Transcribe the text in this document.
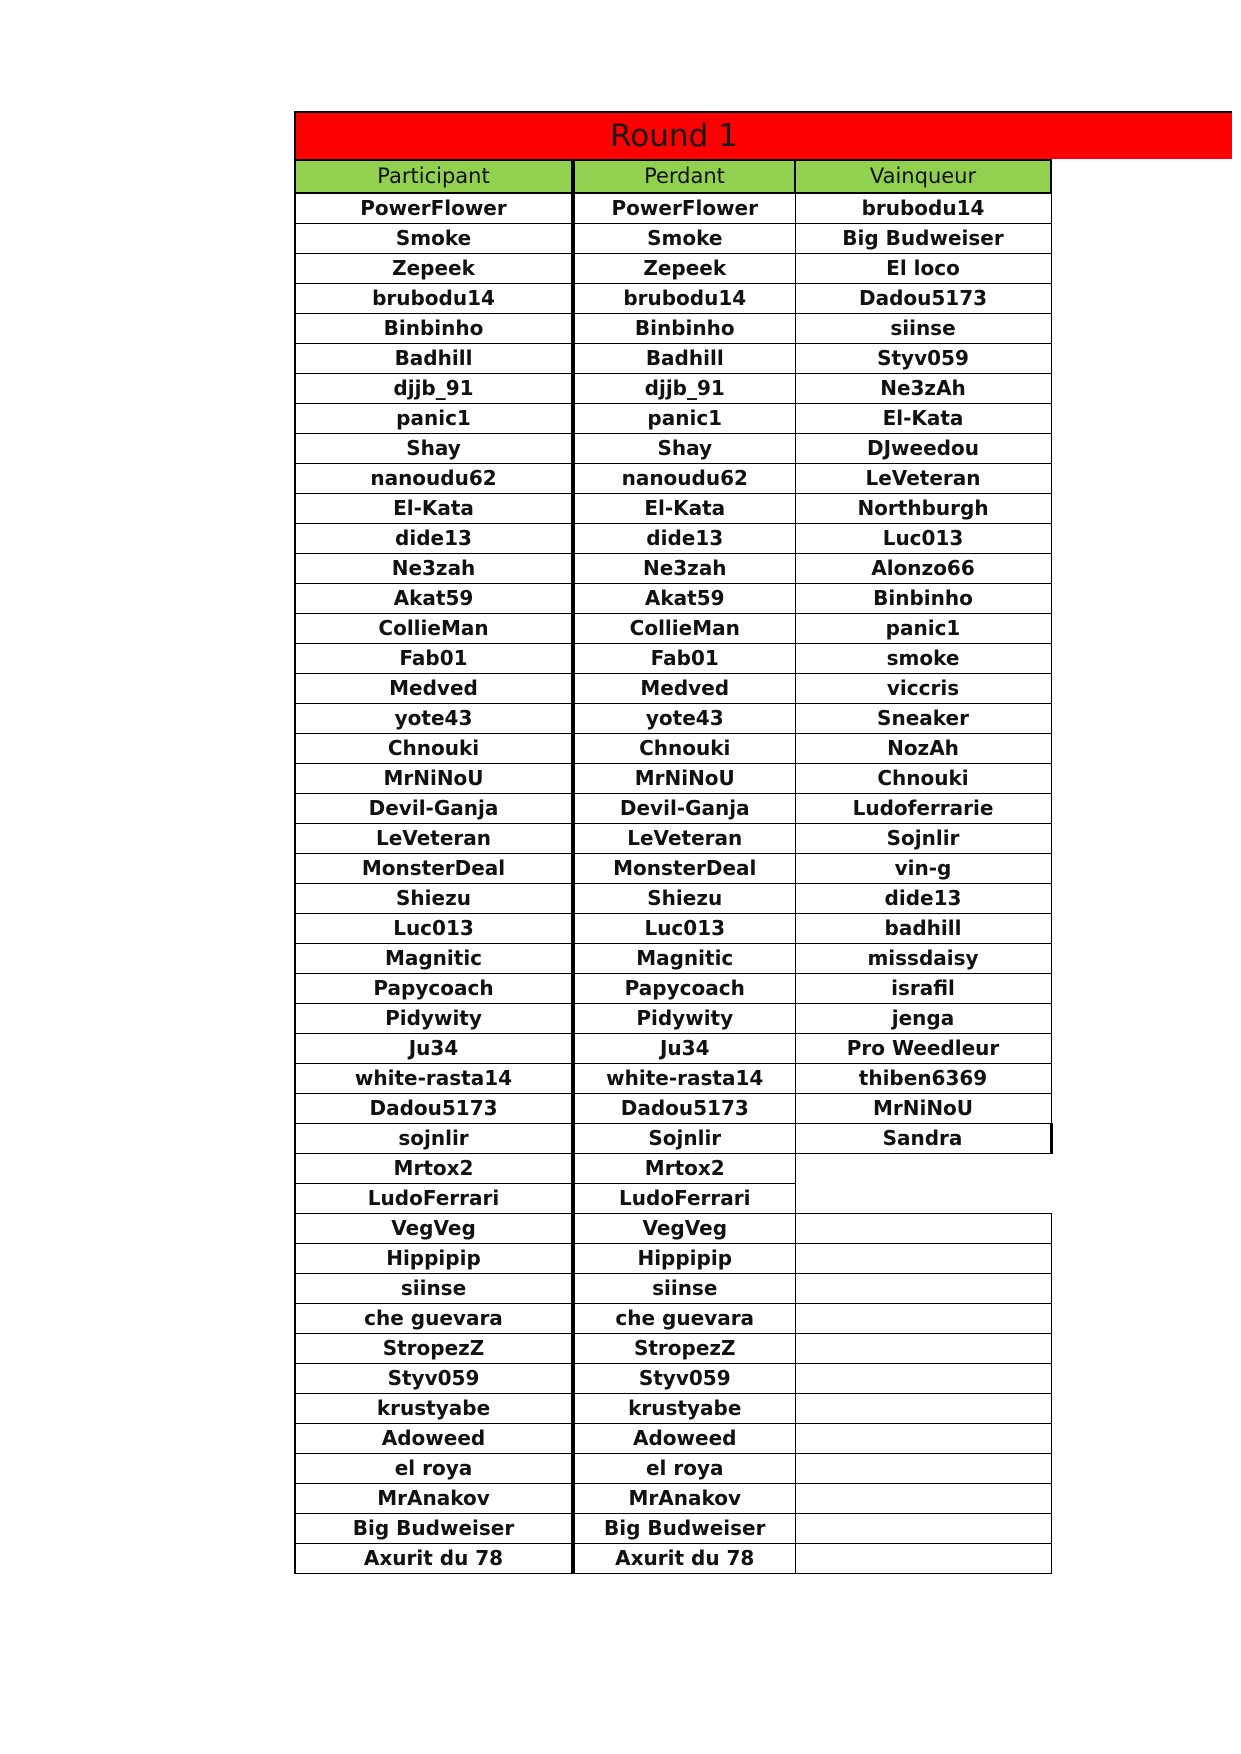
Round 1
Participant	Perdant	Vainqueur
PowerFlower	PowerFlower	brubodu14
Smoke	Smoke	Big Budweiser
Zepeek	Zepeek	El loco
brubodu14	brubodu14	Dadou5173
Binbinho	Binbinho	siinse
Badhill	Badhill	Styv059
djjb_91	djjb_91	Ne3zAh
panic1	panic1	El-Kata
Shay	Shay	DJweedou
nanoudu62	nanoudu62	LeVeteran
El-Kata	El-Kata	Northburgh
dide13	dide13	Luc013
Ne3zah	Ne3zah	Alonzo66
Akat59	Akat59	Binbinho
CollieMan	CollieMan	panic1
Fab01	Fab01	smoke
Medved	Medved	viccris
yote43	yote43	Sneaker
Chnouki	Chnouki	NozAh
MrNiNoU	MrNiNoU	Chnouki
Devil-Ganja	Devil-Ganja	Ludoferrarie
LeVeteran	LeVeteran	Sojnlir
MonsterDeal	MonsterDeal	vin-g
Shiezu	Shiezu	dide13
Luc013	Luc013	badhill
Magnitic	Magnitic	missdaisy
Papycoach	Papycoach	israfil
Pidywity	Pidywity	jenga
Ju34	Ju34	Pro Weedleur
white-rasta14	white-rasta14	thiben6369
Dadou5173	Dadou5173	MrNiNoU
sojnlir	Sojnlir	Sandra
Mrtox2	Mrtox2	
LudoFerrari	LudoFerrari	
VegVeg	VegVeg	
Hippipip	Hippipip	
siinse	siinse	
che guevara	che guevara	
StropezZ	StropezZ	
Styv059	Styv059	
krustyabe	krustyabe	
Adoweed	Adoweed	
el roya	el roya	
MrAnakov	MrAnakov	
Big Budweiser	Big Budweiser	
Axurit du 78	Axurit du 78	
